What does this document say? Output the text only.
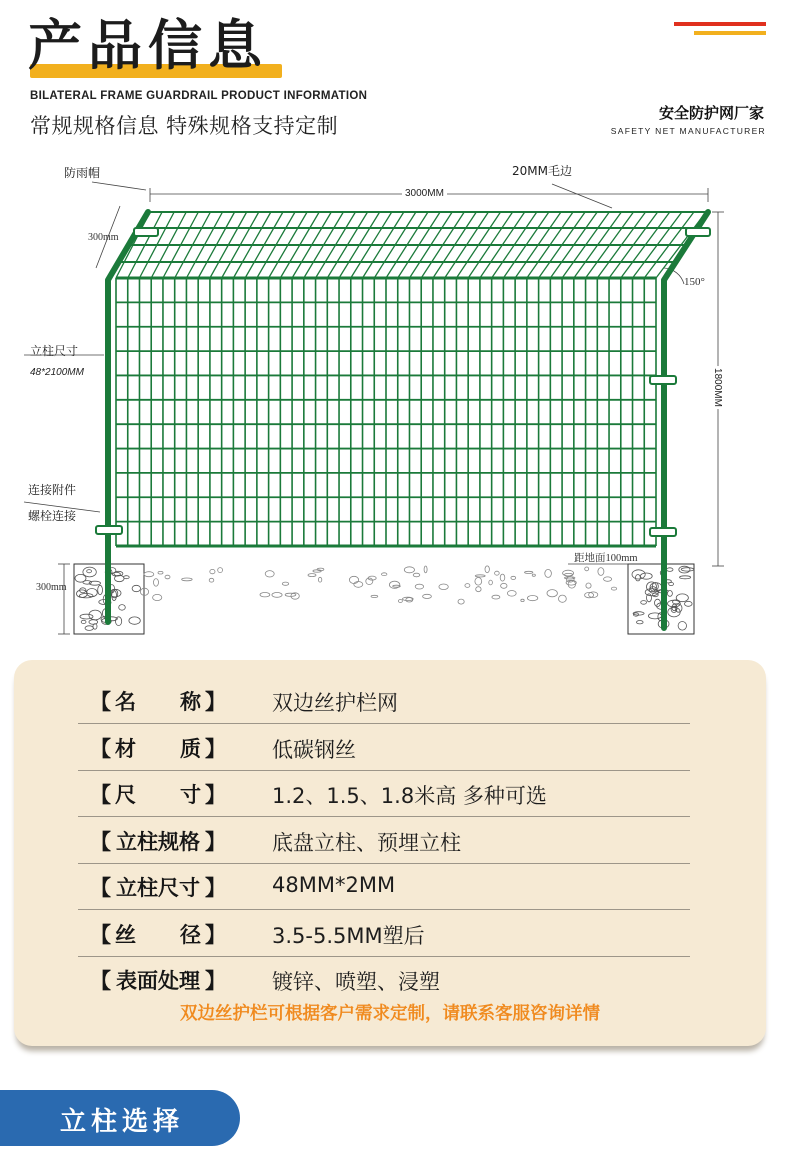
产品信息
BILATERAL FRAME GUARDRAIL PRODUCT INFORMATION
常规规格信息 特殊规格支持定制
安全防护网厂家
SAFETY NET MANUFACTURER
防雨帽
3000MM
20MM毛边
300mm
150°
立柱尺寸
48*2100MM	1800MM
连接附件
螺栓连接
距地面100mm
300mm
【 名 称 】 双边丝护栏网
【 材 质 】 低碳钢丝
【 尺 寸 】 1.2、1.5、1.8米高 多种可选
【 立柱规格 】 底盘立柱、预埋立柱
【 立柱尺寸 】 48MM*2MM
【 丝 径 】 3.5-5.5MM塑后
【 表面处理 】 镀锌、喷塑、浸塑
双边丝护栏可根据客户需求定制，请联系客服咨询详情
立柱选择
